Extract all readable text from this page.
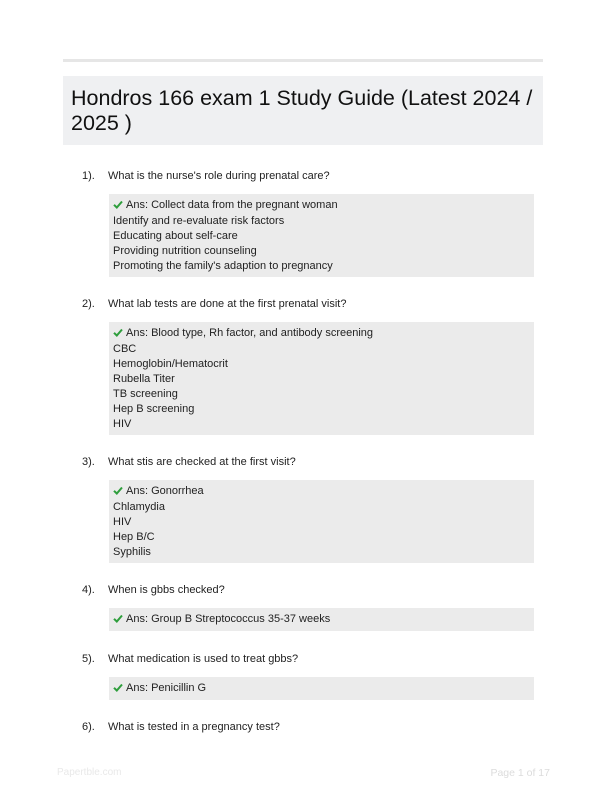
Hondros 166 exam 1 Study Guide (Latest 2024 / 2025 )
1). What is the nurse's role during prenatal care?
Ans: Collect data from the pregnant woman
Identify and re-evaluate risk factors
Educating about self-care
Providing nutrition counseling
Promoting the family's adaption to pregnancy
2). What lab tests are done at the first prenatal visit?
Ans: Blood type, Rh factor, and antibody screening
CBC
Hemoglobin/Hematocrit
Rubella Titer
TB screening
Hep B screening
HIV
3). What stis are checked at the first visit?
Ans: Gonorrhea
Chlamydia
HIV
Hep B/C
Syphilis
4). When is gbbs checked?
Ans: Group B Streptococcus 35-37 weeks
5). What medication is used to treat gbbs?
Ans: Penicillin G
6). What is tested in a pregnancy test?
Papertble.com	Page 1 of 17
